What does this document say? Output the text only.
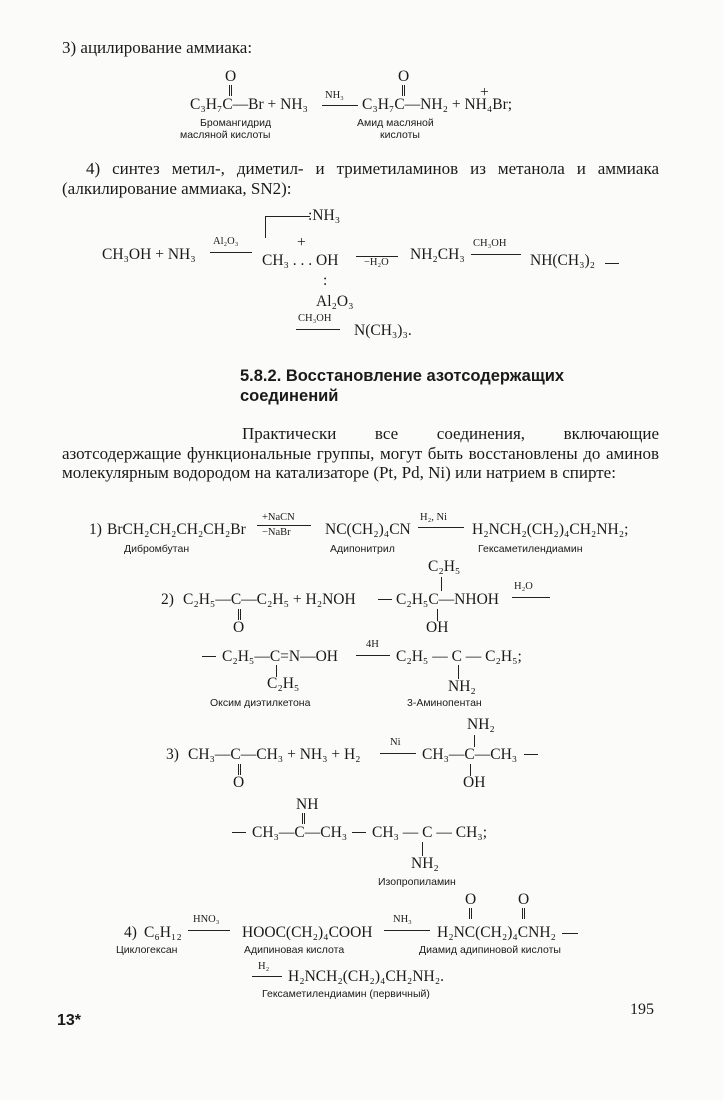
3) ацилирование аммиака:
O	O
C₃H₇C—Br + NH₃
NH₃
C₃H₇C—NH₂ + NH₄Br;
+
Бромангидрид
масляной кислоты
Амид масляной
кислоты
4) синтез метил-, диметил- и триметиламинов из метанола и аммиака (алкилирование аммиака, SN2):
:NH₃
CH₃OH + NH₃
Al₂O₃	+
CH₃ . . . OH
:
Al₂O₃
−H₂O NH₂CH₃
CH₃OH
NH(CH₃)₂
CH₃OH
N(CH₃)₃.
5.8.2. Восстановление азотсодержащих соединений
Практически все соединения, включающие азотсодержащие функциональные группы, могут быть восстановлены до аминов молекулярным водородом на катализаторе (Pt, Pd, Ni) или натрием в спирте:
1) BrCH₂CH₂CH₂CH₂Br
+NaCN
−NaBr NC(CH₂)₄CN
H₂, Ni
H₂NCH₂(CH₂)₄CH₂NH₂;
Дибромбутан	Адипонитрил	Гексаметилендиамин
C₂H₅
2) C₂H₅—C—C₂H₅ + H₂NOH	C₂H₅C—NHOH
H₂O
O	OH
C₂H₅—C=N—OH
4H
C₂H₅ — C — C₂H₅;
C₂H₅	NH₂
Оксим диэтилкетона	3-Аминопентан
NH₂
3) CH₃—C—CH₃ + NH₃ + H₂
Ni
CH₃—C—CH₃
O	OH
NH
CH₃—C—CH₃ CH₃ — C — CH₃;
NH₂
Изопропиламин
O	O
4) C₆H₁₂
HNO₃
HOOC(CH₂)₄COOH
NH₃
H₂NC(CH₂)₄CNH₂
Циклогексан	Адипиновая кислота	Диамид адипиновой кислоты
H₂
H₂NCH₂(CH₂)₄CH₂NH₂.
Гексаметилендиамин (первичный)
13*
195
